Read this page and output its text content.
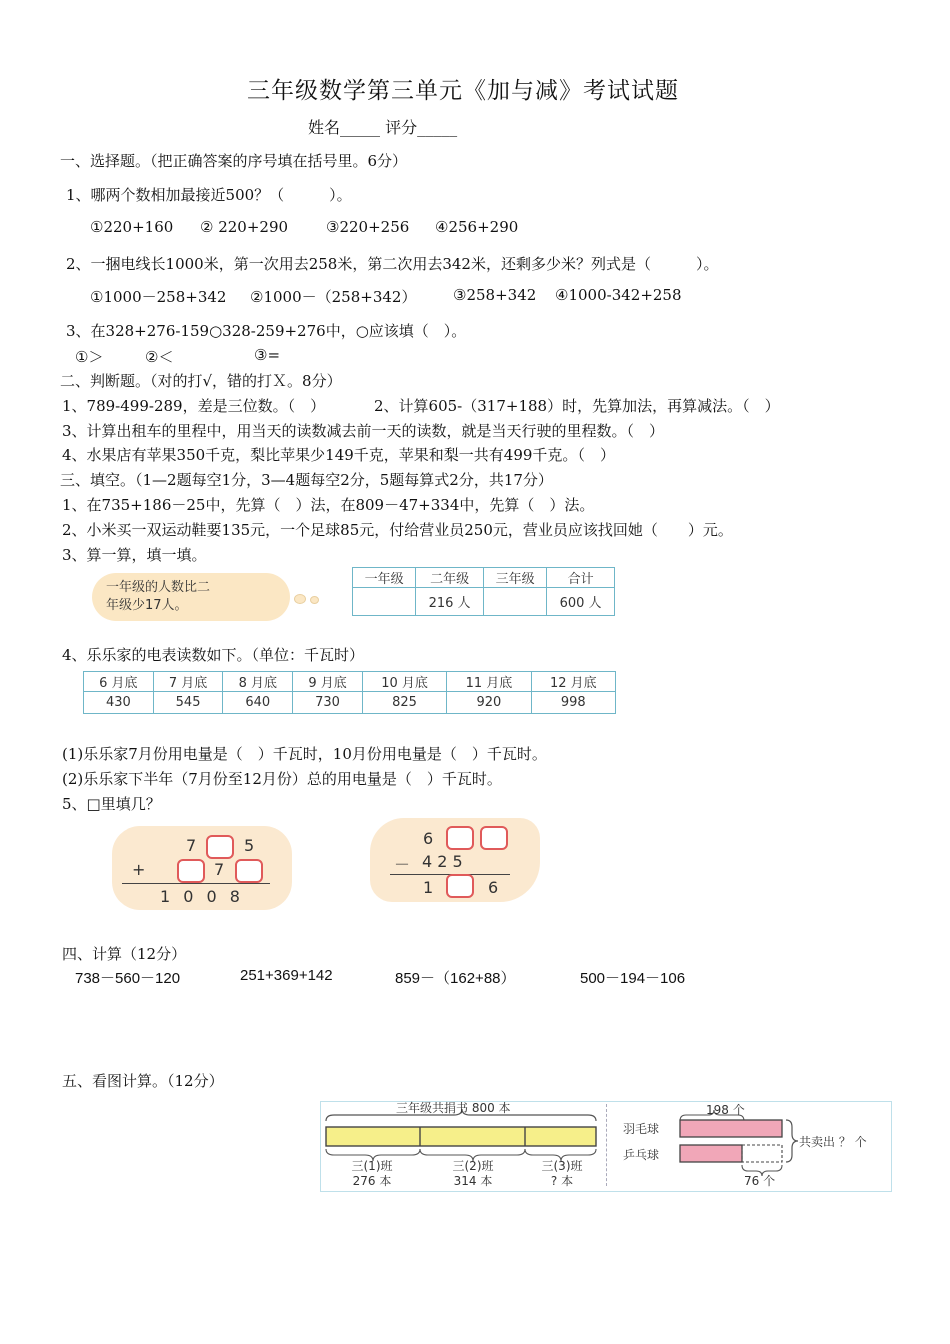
三年级数学第三单元《加与减》考试试题
姓名_____ 评分_____
一、选择题。（把正确答案的序号填在括号里。6分）
1、哪两个数相加最接近500？（　　　）。
①220+160 ② 220+290	③220+256 ④256+290
2、一捆电线长1000米，第一次用去258米，第二次用去342米，还剩多少米？列式是（　　　）。
①1000－258+342 ②1000－（258+342） ③258+342 ④1000-342+258
3、在328+276-159○328-259+276中，○应该填（　）。
①＞	②＜	③=
二、判断题。（对的打√，错的打Ｘ。8分）
1、789-499-289，差是三位数。（　）	2、计算605-（317+188）时，先算加法，再算减法。（　）
3、计算出租车的里程中，用当天的读数减去前一天的读数，就是当天行驶的里程数。（　）
4、水果店有苹果350千克，梨比苹果少149千克，苹果和梨一共有499千克。（　）
三、填空。（1—2题每空1分，3—4题每空2分，5题每算式2分，共17分）
1、在735+186－25中，先算（　）法，在809－47+334中，先算（　）法。
2、小米买一双运动鞋要135元，一个足球85元，付给营业员250元，营业员应该找回她（　　）元。
3、算一算，填一填。
一年级的人数比二
年级少17人。
一年级	二年级	三年级	合计
	216 人		600 人
4、乐乐家的电表读数如下。（单位：千瓦时）
6 月底	7 月底	8 月底	9 月底	10 月底	11 月底	12 月底
430	545	640	730	825	920	998
(1)乐乐家7月份用电量是（　）千瓦时，10月份用电量是（　）千瓦时。
(2)乐乐家下半年（7月份至12月份）总的用电量是（　）千瓦时。
5、□里填几？
7	5
+	7
1 0 0 8
6
－ 4 2 5
1	6
四、计算（12分）
738－560－120	251+369+142	859－（162+88）	500－194－106
五、看图计算。（12分）
三年级共捐书 800 本
三(1)班
276 本
三(2)班
314 本
三(3)班
? 本
198 个
羽毛球
乒乓球
共卖出 ？ 个
76 个
